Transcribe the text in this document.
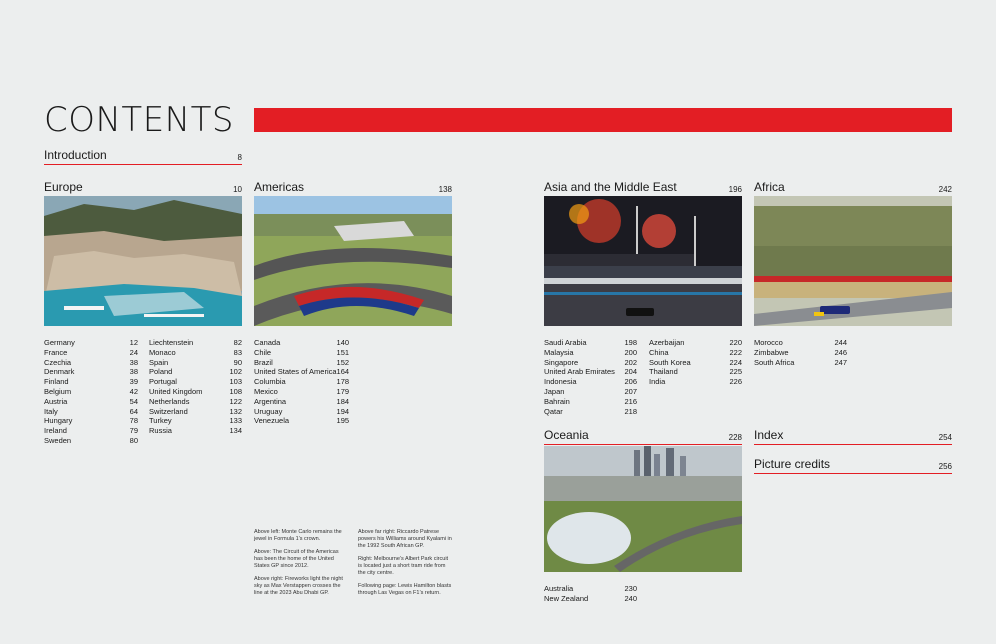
CONTENTS
Introduction	8
Europe	10
Germany	12
France	24
Czechia	38
Denmark	38
Finland	39
Belgium	42
Austria	54
Italy	64
Hungary	78
Ireland	79
Sweden	80
Liechtenstein	82
Monaco	83
Spain	90
Poland	102
Portugal	103
United Kingdom	108
Netherlands	122
Switzerland	132
Turkey	133
Russia	134
Americas	138
Canada	140
Chile	151
Brazil	152
United States of America	164
Columbia	178
Mexico	179
Argentina	184
Uruguay	194
Venezuela	195

Above left: Monte Carlo remains the jewel in Formula 1’s crown.

Above: The Circuit of the Americas has been the home of the United States GP since 2012.

Above right: Fireworks light the night sky as Max Verstappen crosses the line at the 2023 Abu Dhabi GP.

Above far right: Riccardo Patrese powers his Williams around Kyalami in the 1992 South African GP.

Right: Melbourne’s Albert Park circuit is located just a short tram ride from the city centre.

Following page: Lewis Hamilton blasts through Las Vegas on F1’s return.

Asia and the Middle East	196
Saudi Arabia	198
Malaysia	200
Singapore	202
United Arab Emirates	204
Indonesia	206
Japan	207
Bahrain	216
Qatar	218
Azerbaijan	220
China	222
South Korea	224
Thailand	225
India	226
Africa	242
Morocco	244
Zimbabwe	246
South Africa	247
Oceania	228
Australia	230
New Zealand	240
Index	254
Picture credits	256
